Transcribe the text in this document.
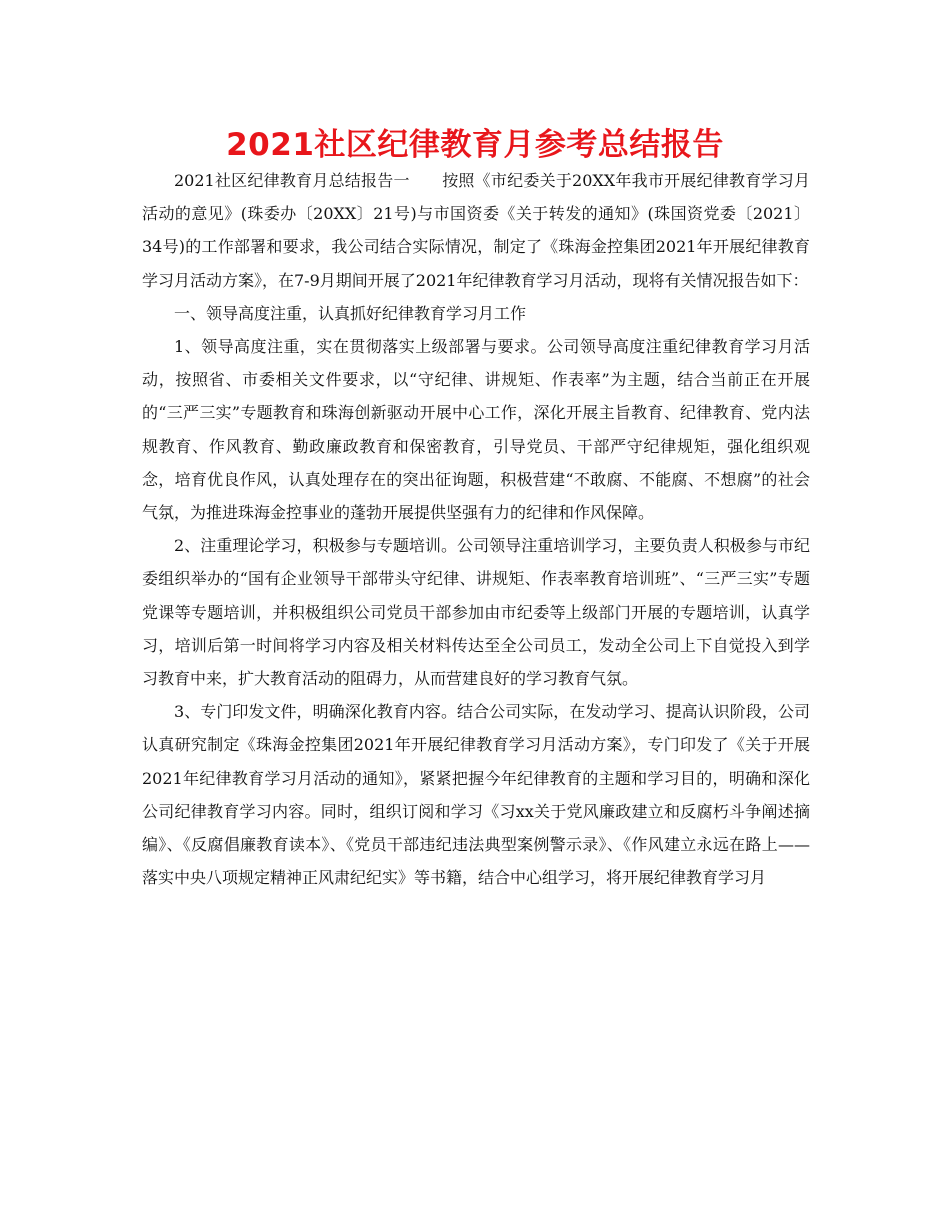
2021社区纪律教育月参考总结报告

2021社区纪律教育月总结报告一　　按照《市纪委关于20XX年我市开展纪律教育学习月活动的意见》(珠委办〔20XX〕21号)与市国资委《关于转发的通知》(珠国资党委〔2021〕34号)的工作部署和要求，我公司结合实际情况，制定了《珠海金控集团2021年开展纪律教育学习月活动方案》，在7-9月期间开展了2021年纪律教育学习月活动，现将有关情况报告如下：

一、领导高度注重，认真抓好纪律教育学习月工作

1、领导高度注重，实在贯彻落实上级部署与要求。公司领导高度注重纪律教育学习月活动，按照省、市委相关文件要求，以“守纪律、讲规矩、作表率”为主题，结合当前正在开展的“三严三实”专题教育和珠海创新驱动开展中心工作，深化开展主旨教育、纪律教育、党内法规教育、作风教育、勤政廉政教育和保密教育，引导党员、干部严守纪律规矩，强化组织观念，培育优良作风，认真处理存在的突出征询题，积极营建“不敢腐、不能腐、不想腐”的社会气氛，为推进珠海金控事业的蓬勃开展提供坚强有力的纪律和作风保障。

2、注重理论学习，积极参与专题培训。公司领导注重培训学习，主要负责人积极参与市纪委组织举办的“国有企业领导干部带头守纪律、讲规矩、作表率教育培训班”、“三严三实”专题党课等专题培训，并积极组织公司党员干部参加由市纪委等上级部门开展的专题培训，认真学习，培训后第一时间将学习内容及相关材料传达至全公司员工，发动全公司上下自觉投入到学习教育中来，扩大教育活动的阻碍力，从而营建良好的学习教育气氛。

3、专门印发文件，明确深化教育内容。结合公司实际，在发动学习、提高认识阶段，公司认真研究制定《珠海金控集团2021年开展纪律教育学习月活动方案》，专门印发了《关于开展2021年纪律教育学习月活动的通知》，紧紧把握今年纪律教育的主题和学习目的，明确和深化公司纪律教育学习内容。同时，组织订阅和学习《习xx关于党风廉政建立和反腐朽斗争阐述摘编》、《反腐倡廉教育读本》、《党员干部违纪违法典型案例警示录》、《作风建立永远在路上——落实中央八项规定精神正风肃纪纪实》等书籍，结合中心组学习，将开展纪律教育学习月
